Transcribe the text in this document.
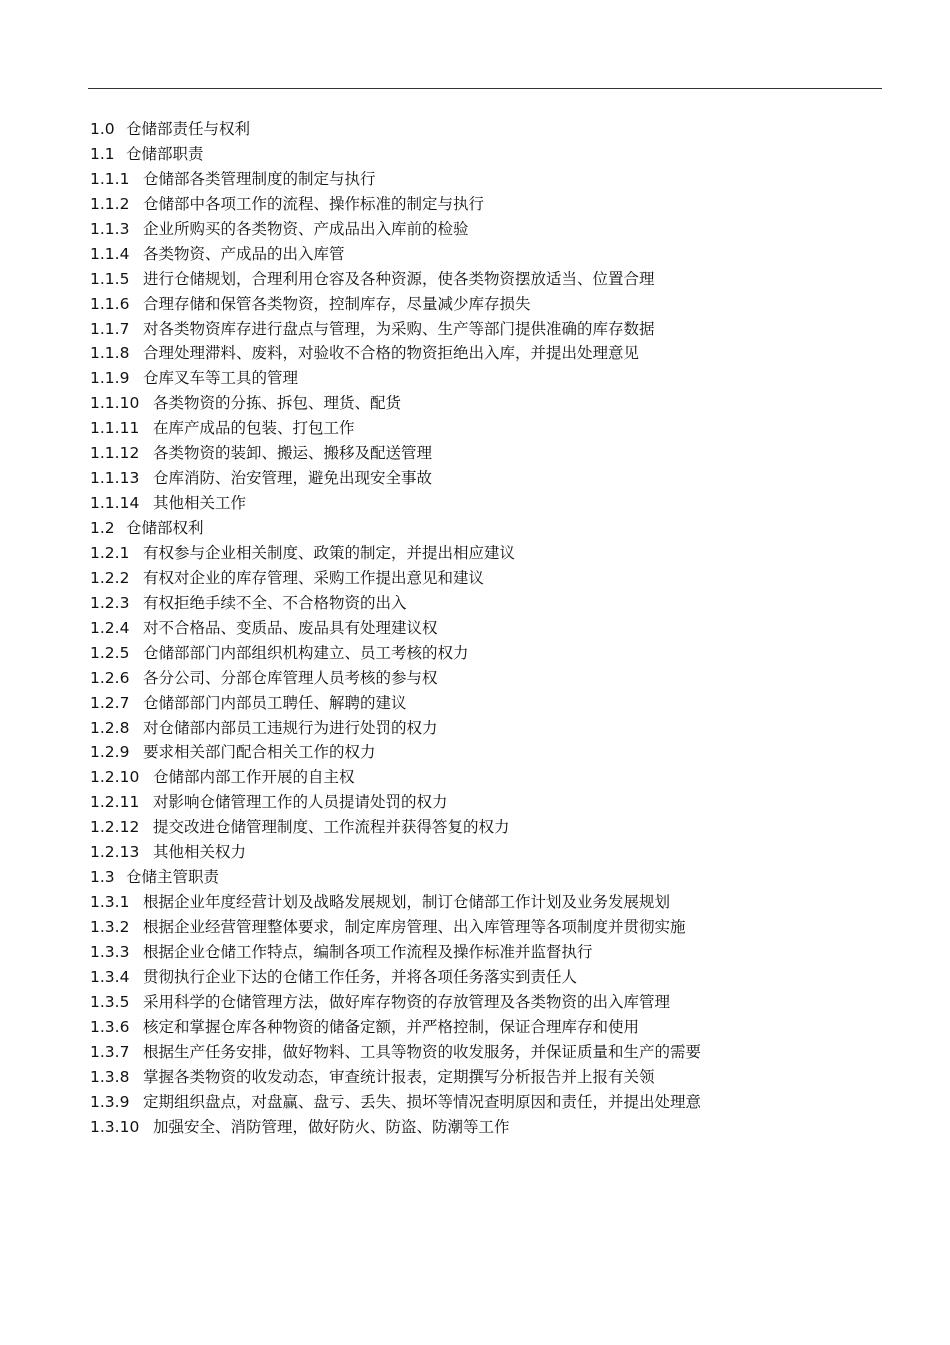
1.0 仓储部责任与权利
1.1 仓储部职责
1.1.1 仓储部各类管理制度的制定与执行
1.1.2 仓储部中各项工作的流程、操作标准的制定与执行
1.1.3 企业所购买的各类物资、产成品出入库前的检验
1.1.4 各类物资、产成品的出入库管
1.1.5 进行仓储规划，合理利用仓容及各种资源，使各类物资摆放适当、位置合理
1.1.6 合理存储和保管各类物资，控制库存，尽量减少库存损失
1.1.7 对各类物资库存进行盘点与管理，为采购、生产等部门提供准确的库存数据
1.1.8 合理处理滞料、废料，对验收不合格的物资拒绝出入库，并提出处理意见
1.1.9 仓库叉车等工具的管理
1.1.10 各类物资的分拣、拆包、理货、配货
1.1.11 在库产成品的包装、打包工作
1.1.12 各类物资的装卸、搬运、搬移及配送管理
1.1.13 仓库消防、治安管理，避免出现安全事故
1.1.14 其他相关工作
1.2 仓储部权利
1.2.1 有权参与企业相关制度、政策的制定，并提出相应建议
1.2.2 有权对企业的库存管理、采购工作提出意见和建议
1.2.3 有权拒绝手续不全、不合格物资的出入
1.2.4 对不合格品、变质品、废品具有处理建议权
1.2.5 仓储部部门内部组织机构建立、员工考核的权力
1.2.6 各分公司、分部仓库管理人员考核的参与权
1.2.7 仓储部部门内部员工聘任、解聘的建议
1.2.8 对仓储部内部员工违规行为进行处罚的权力
1.2.9 要求相关部门配合相关工作的权力
1.2.10 仓储部内部工作开展的自主权
1.2.11 对影响仓储管理工作的人员提请处罚的权力
1.2.12 提交改进仓储管理制度、工作流程并获得答复的权力
1.2.13 其他相关权力
1.3 仓储主管职责
1.3.1 根据企业年度经营计划及战略发展规划，制订仓储部工作计划及业务发展规划
1.3.2 根据企业经营管理整体要求，制定库房管理、出入库管理等各项制度并贯彻实施
1.3.3 根据企业仓储工作特点，编制各项工作流程及操作标准并监督执行
1.3.4 贯彻执行企业下达的仓储工作任务，并将各项任务落实到责任人
1.3.5 采用科学的仓储管理方法，做好库存物资的存放管理及各类物资的出入库管理
1.3.6 核定和掌握仓库各种物资的储备定额，并严格控制，保证合理库存和使用
1.3.7 根据生产任务安排，做好物料、工具等物资的收发服务，并保证质量和生产的需要
1.3.8 掌握各类物资的收发动态，审查统计报表，定期撰写分析报告并上报有关领
1.3.9 定期组织盘点，对盘赢、盘亏、丢失、损坏等情况查明原因和责任，并提出处理意
1.3.10 加强安全、消防管理，做好防火、防盗、防潮等工作
